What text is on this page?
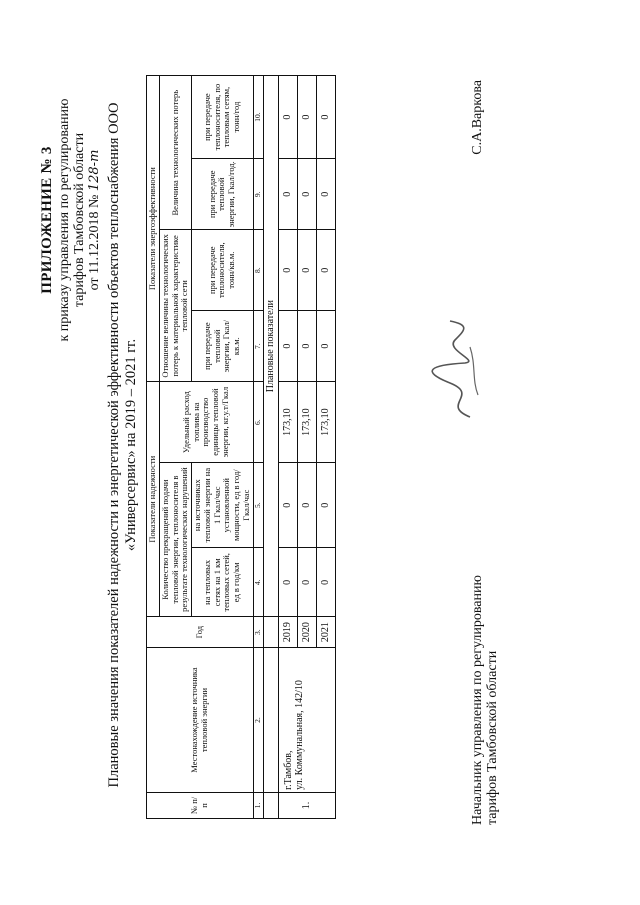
ПРИЛОЖЕНИЕ № 3 к приказу управления по регулированию тарифов Тамбовской области от 11.12.2018 № 128-т Плановые значения показателей надежности и энергетической эффективности объектов теплоснабжения ООО «Универсервис» на 2019 – 2021 гг.
№ п/п	Местонахождение источника тепловой энергии	Год	Показатели надежности			Показатели энергоэффективности			
			Количество прекращений подачи тепловой энергии, теплоносителя в результате технологических нарушений		Удельный расход топлива на производство единицы тепловой энергии, кг.у.т/Гкал	Отношение величины технологических потерь к материальной характеристике тепловой сети		Величина технологических потерь	
			на тепловых сетях на 1 км тепловых сетей, ед в год/км	на источниках тепловой энергии на 1 Гкал/час установленной мощности, ед в год/Гкал/час		при передаче тепловой энергии, Гкал/кв.м.	при передаче теплоносителя, тонн/кв.м.	при передаче тепловой энергии, Гкал/год.	при передаче теплоносителя, по тепловым сетям, тонн/год
1.	2.	3.	4.	5.	6.	7.	8.	9.	10.
			Плановые показатели						
1.	г.Тамбов, ул. Коммунальная, 142/10	2019	0	0	173,10	0	0	0	0
		2020	0	0	173,10	0	0	0	0
		2021	0	0	173,10	0	0	0	0
Начальник управления по регулированию тарифов Тамбовской области
С.А.Варкова
